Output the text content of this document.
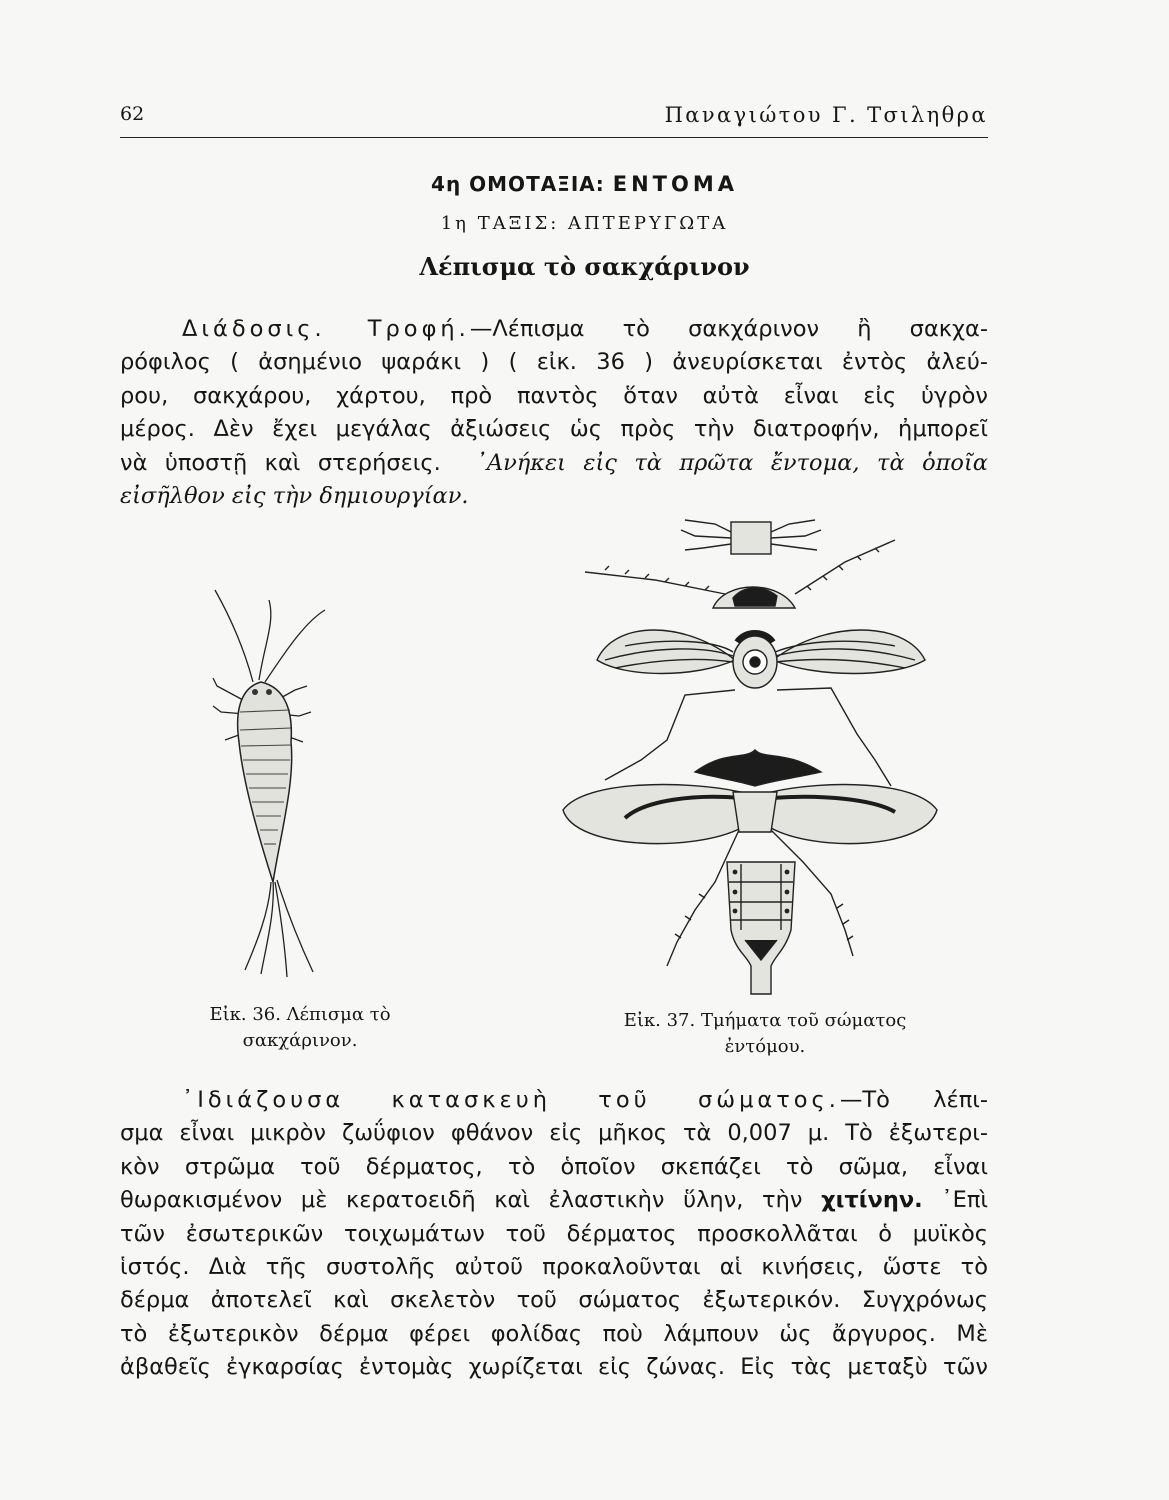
62	Παναγιώτου Γ. Τσιληθρα
4η ΟΜΟΤΑΞΙΑ: ΕΝΤΟΜΑ
1η ΤΑΞΙΣ: ΑΠΤΕΡΥΓΩΤΑ
Λέπισμα τὸ σακχάρινον
Διάδοσις. Τροφή.—Λέπισμα τὸ σακχάρινον ἢ σακχα-
ρόφιλος ( ἀσημένιο ψαράκι ) ( εἰκ. 36 ) ἀνευρίσκεται ἐντὸς ἀλεύ-
ρου, σακχάρου, χάρτου, πρὸ παντὸς ὅταν αὐτὰ εἶναι εἰς ὑγρὸν
μέρος. Δὲν ἔχει μεγάλας ἀξιώσεις ὡς πρὸς τὴν διατροφήν, ἠμπορεῖ
νὰ ὑποστῇ καὶ στερήσεις. ᾿Ανήκει εἰς τὰ πρῶτα ἔντομα, τὰ ὁποῖα
εἰσῆλθον εἰς τὴν δημιουργίαν.
Εἰκ. 36. Λέπισμα τὸ
σακχάρινον.
Εἰκ. 37. Τμήματα τοῦ σώματος
ἐντόμου.
᾿Ιδιάζουσα κατασκευὴ τοῦ σώματος.—Τὸ λέπι-
σμα εἶναι μικρὸν ζωΰφιον φθάνον εἰς μῆκος τὰ 0,007 μ. Τὸ ἐξωτερι-
κὸν στρῶμα τοῦ δέρματος, τὸ ὁποῖον σκεπάζει τὸ σῶμα, εἶναι
θωρακισμένον μὲ κερατοειδῆ καὶ ἐλαστικὴν ὕλην, τὴν χιτίνην. ᾿Επὶ
τῶν ἐσωτερικῶν τοιχωμάτων τοῦ δέρματος προσκολλᾶται ὁ μυϊκὸς
ἱστός. Διὰ τῆς συστολῆς αὐτοῦ προκαλοῦνται αἱ κινήσεις, ὥστε τὸ
δέρμα ἀποτελεῖ καὶ σκελετὸν τοῦ σώματος ἐξωτερικόν. Συγχρόνως
τὸ ἐξωτερικὸν δέρμα φέρει φολίδας ποὺ λάμπουν ὡς ἄργυρος. Μὲ
ἀβαθεῖς ἐγκαρσίας ἐντομὰς χωρίζεται εἰς ζώνας. Εἰς τὰς μεταξὺ τῶν
